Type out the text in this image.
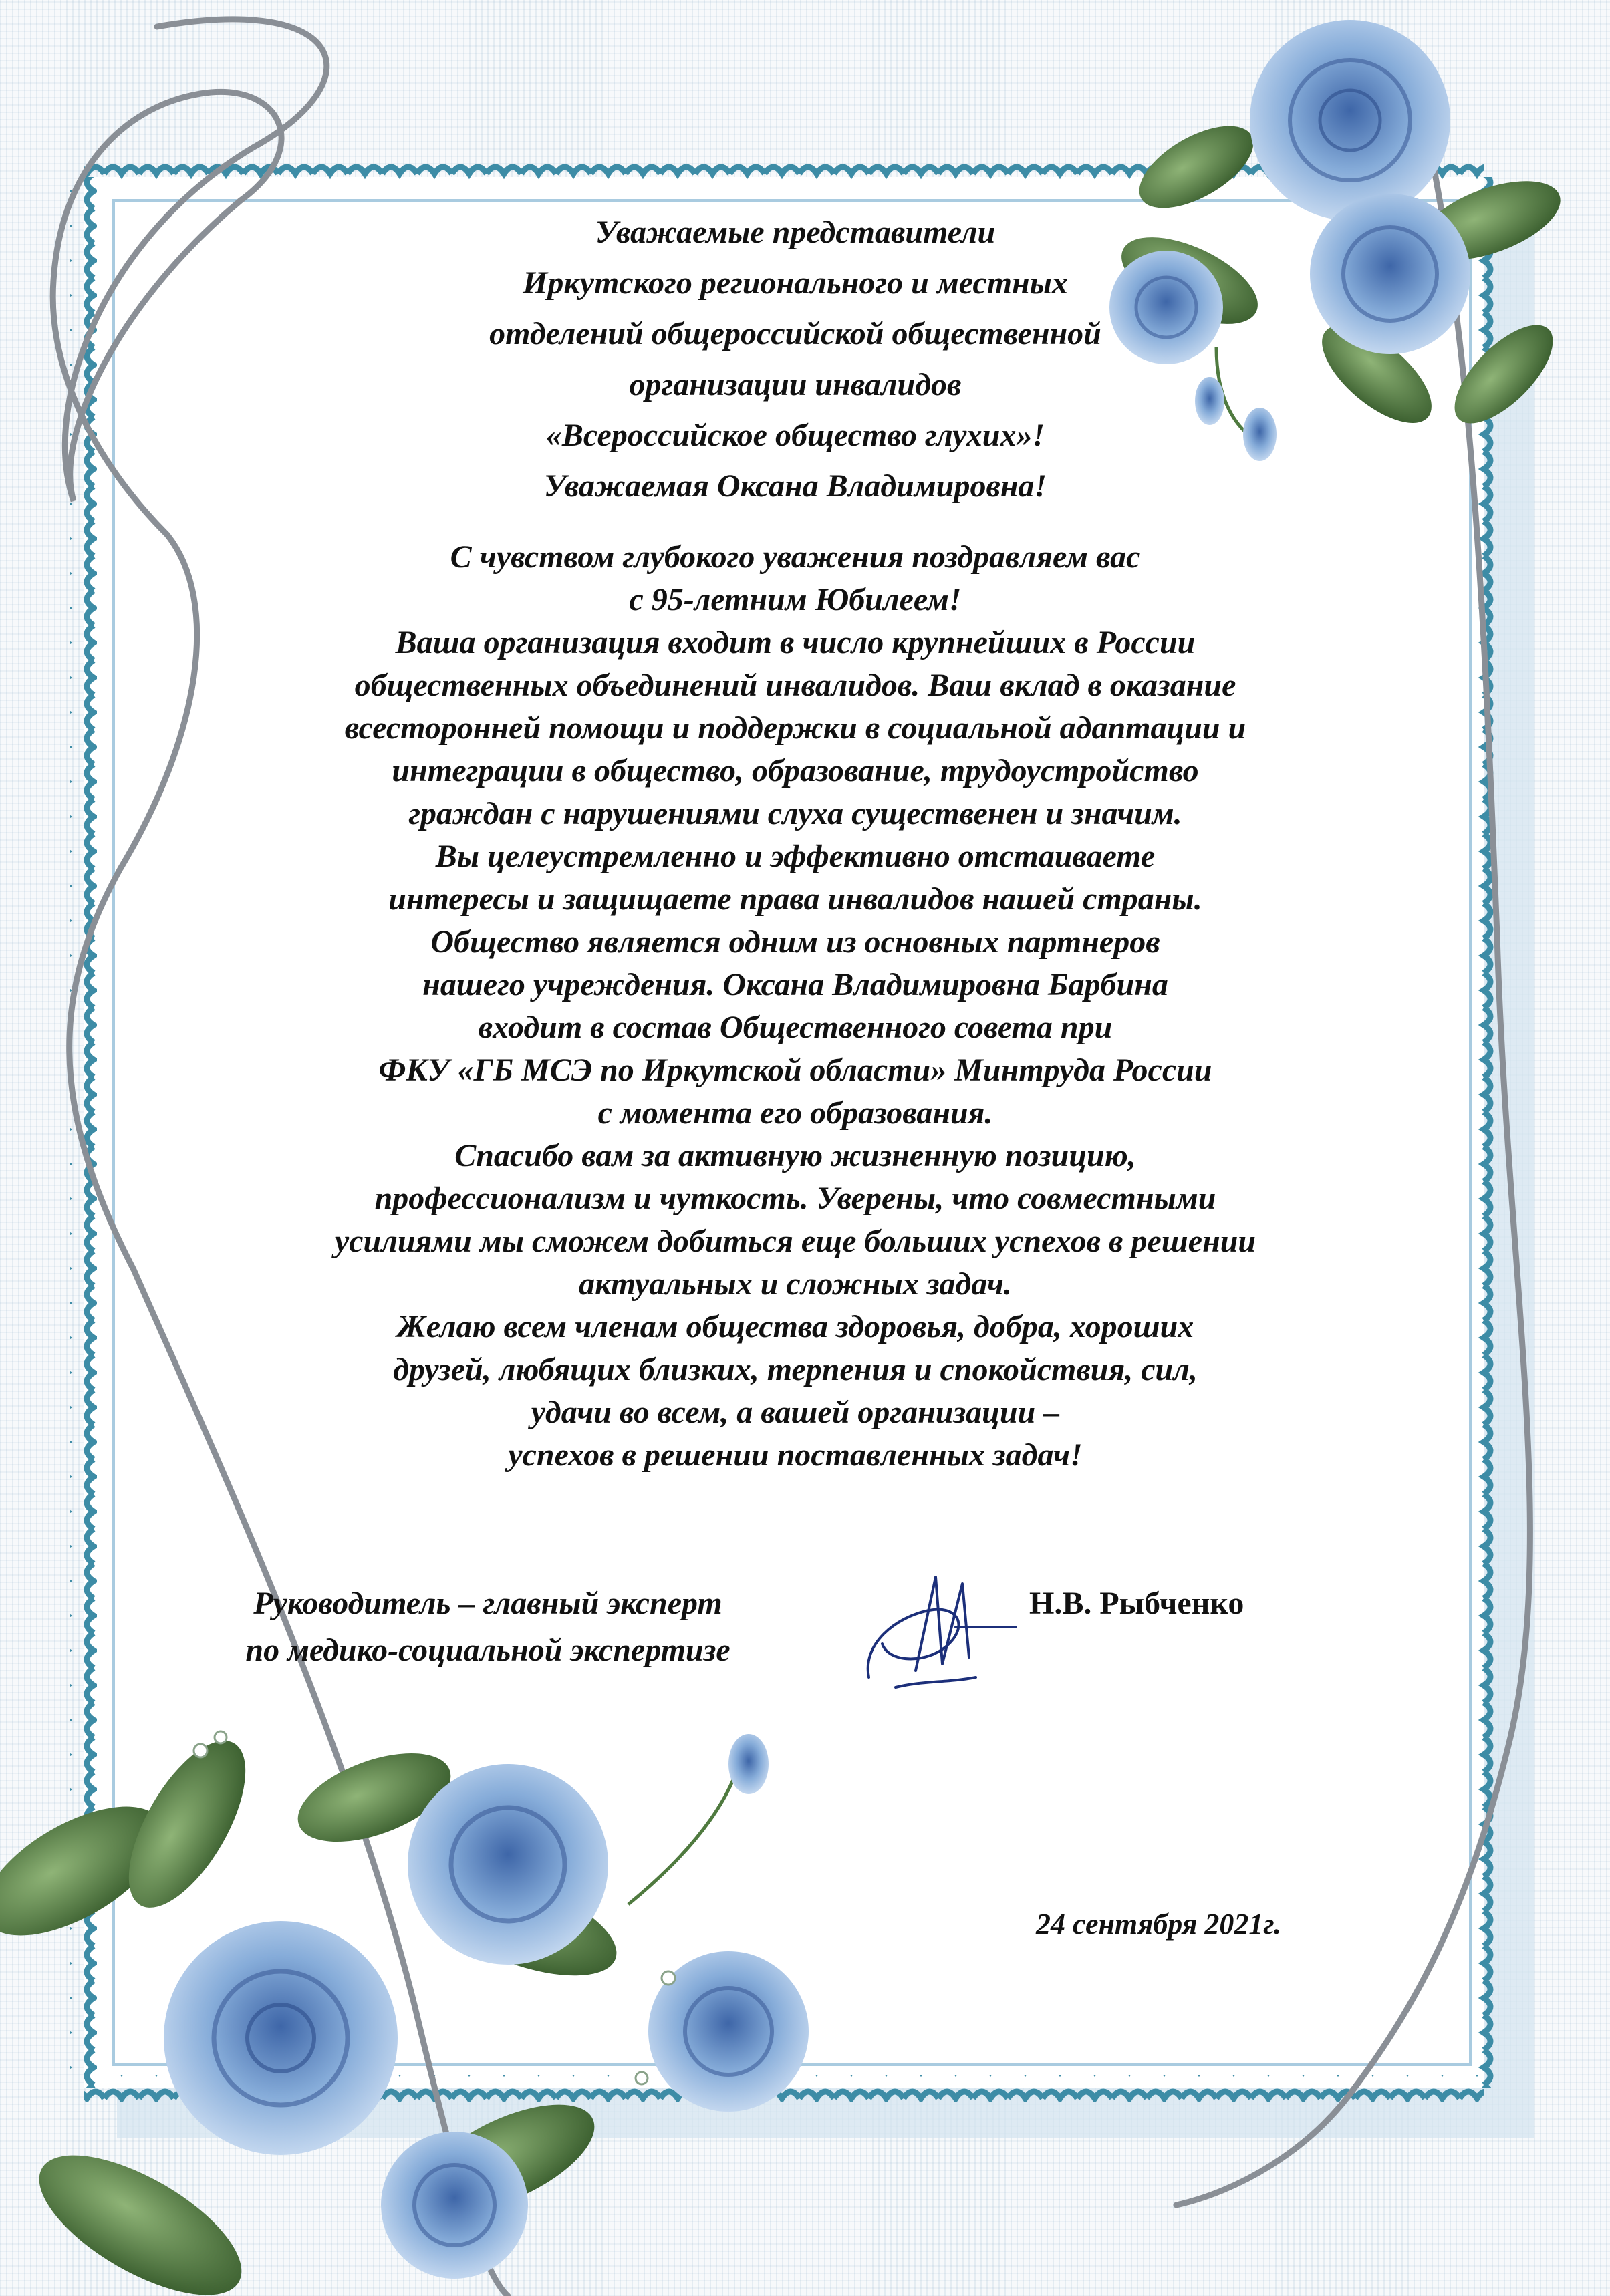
Уважаемые представители
Иркутского регионального и местных
отделений общероссийской общественной
организации инвалидов
«Всероссийское общество глухих»!
Уважаемая Оксана Владимировна!
С чувством глубокого уважения поздравляем вас
с 95-летним Юбилеем!
Ваша организация входит в число крупнейших в России
общественных объединений инвалидов. Ваш вклад в оказание
всесторонней помощи и поддержки в социальной адаптации и
интеграции в общество, образование, трудоустройство
граждан с нарушениями слуха существенен и значим.
Вы целеустремленно и эффективно отстаиваете
интересы и защищаете права инвалидов нашей страны.
Общество является одним из основных партнеров
нашего учреждения. Оксана Владимировна Барбина
входит в состав Общественного совета при
ФКУ «ГБ МСЭ по Иркутской области» Минтруда России
с момента его образования.
Спасибо вам за активную жизненную позицию,
профессионализм и чуткость. Уверены, что совместными
усилиями мы сможем добиться еще больших успехов в решении
актуальных и сложных задач.
Желаю всем членам общества здоровья, добра, хороших
друзей, любящих близких, терпения и спокойствия, сил,
удачи во всем, а вашей организации –
успехов в решении поставленных задач!
Руководитель – главный эксперт
по медико-социальной экспертизе
Н.В. Рыбченко
24 сентября 2021г.
